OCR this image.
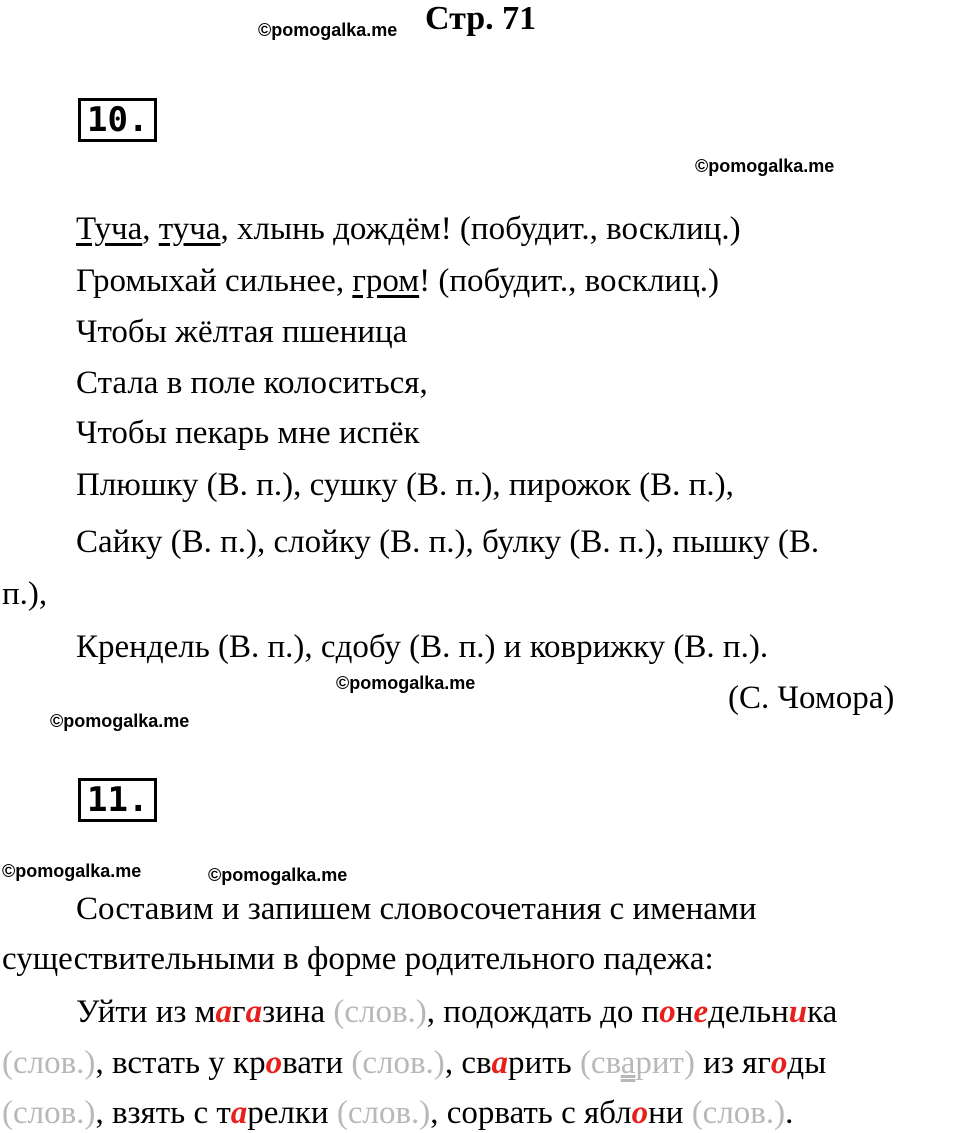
©pomogalka.me Стр. 71
10.
©pomogalka.me
Туча, туча, хлынь дождём! (побудит., восклиц.)
Громыхай сильнее, гром! (побудит., восклиц.)
Чтобы жёлтая пшеница
Стала в поле колоситься,
Чтобы пекарь мне испёк
Плюшку (В. п.), сушку (В. п.), пирожок (В. п.),
Сайку (В. п.), слойку (В. п.), булку (В. п.), пышку (В.
п.),
Крендель (В. п.), сдобу (В. п.) и коврижку (В. п.).
©pomogalka.me	(С. Чомора)
©pomogalka.me
11.
©pomogalka.me	©pomogalka.me
Составим и запишем словосочетания с именами
существительными в форме родительного падежа:
Уйти из магазина (слов.), подождать до понедельника
(слов.), встать у кровати (слов.), сварить (сварит) из ягоды
(слов.), взять с тарелки (слов.), сорвать с яблони (слов.).
